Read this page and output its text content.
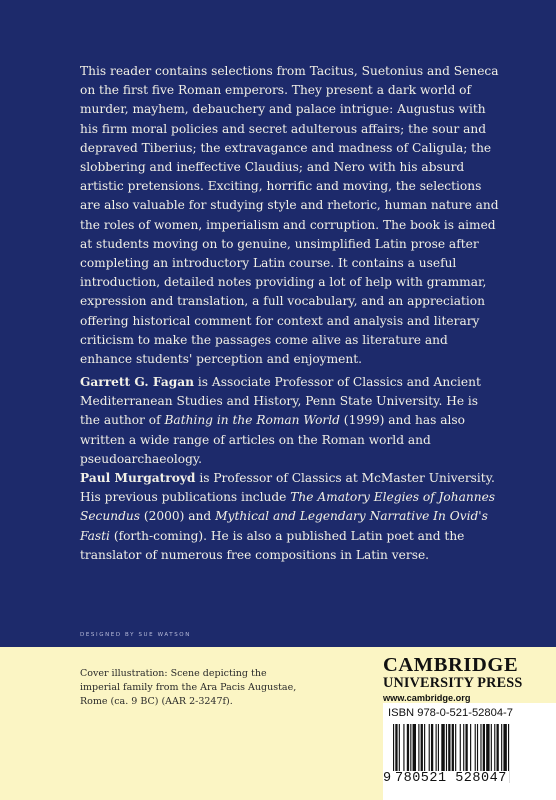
This reader contains selections from Tacitus, Suetonius and Seneca on the first five Roman emperors. They present a dark world of murder, mayhem, debauchery and palace intrigue: Augustus with his firm moral policies and secret adulterous affairs; the sour and depraved Tiberius; the extravagance and madness of Caligula; the slobbering and ineffective Claudius; and Nero with his absurd artistic pretensions. Exciting, horrific and moving, the selections are also valuable for studying style and rhetoric, human nature and the roles of women, imperialism and corruption. The book is aimed at students moving on to genuine, unsimplified Latin prose after completing an introductory Latin course. It contains a useful introduction, detailed notes providing a lot of help with grammar, expression and translation, a full vocabulary, and an appreciation offering historical comment for context and analysis and literary criticism to make the passages come alive as literature and enhance students' perception and enjoyment.

Garrett G. Fagan is Associate Professor of Classics and Ancient Mediterranean Studies and History, Penn State University. He is the author of Bathing in the Roman World (1999) and has also written a wide range of articles on the Roman world and pseudoarchaeology.

Paul Murgatroyd is Professor of Classics at McMaster University. His previous publications include The Amatory Elegies of Johannes Secundus (2000) and Mythical and Legendary Narrative In Ovid's Fasti (forth-coming). He is also a published Latin poet and the translator of numerous free compositions in Latin verse.

DESIGNED BY SUE WATSON

Cover illustration: Scene depicting the imperial family from the Ara Pacis Augustae, Rome (ca. 9 BC) (AAR 2-3247f).

CAMBRIDGE
UNIVERSITY PRESS
www.cambridge.org
ISBN 978-0-521-52804-7
9 780521 528047
